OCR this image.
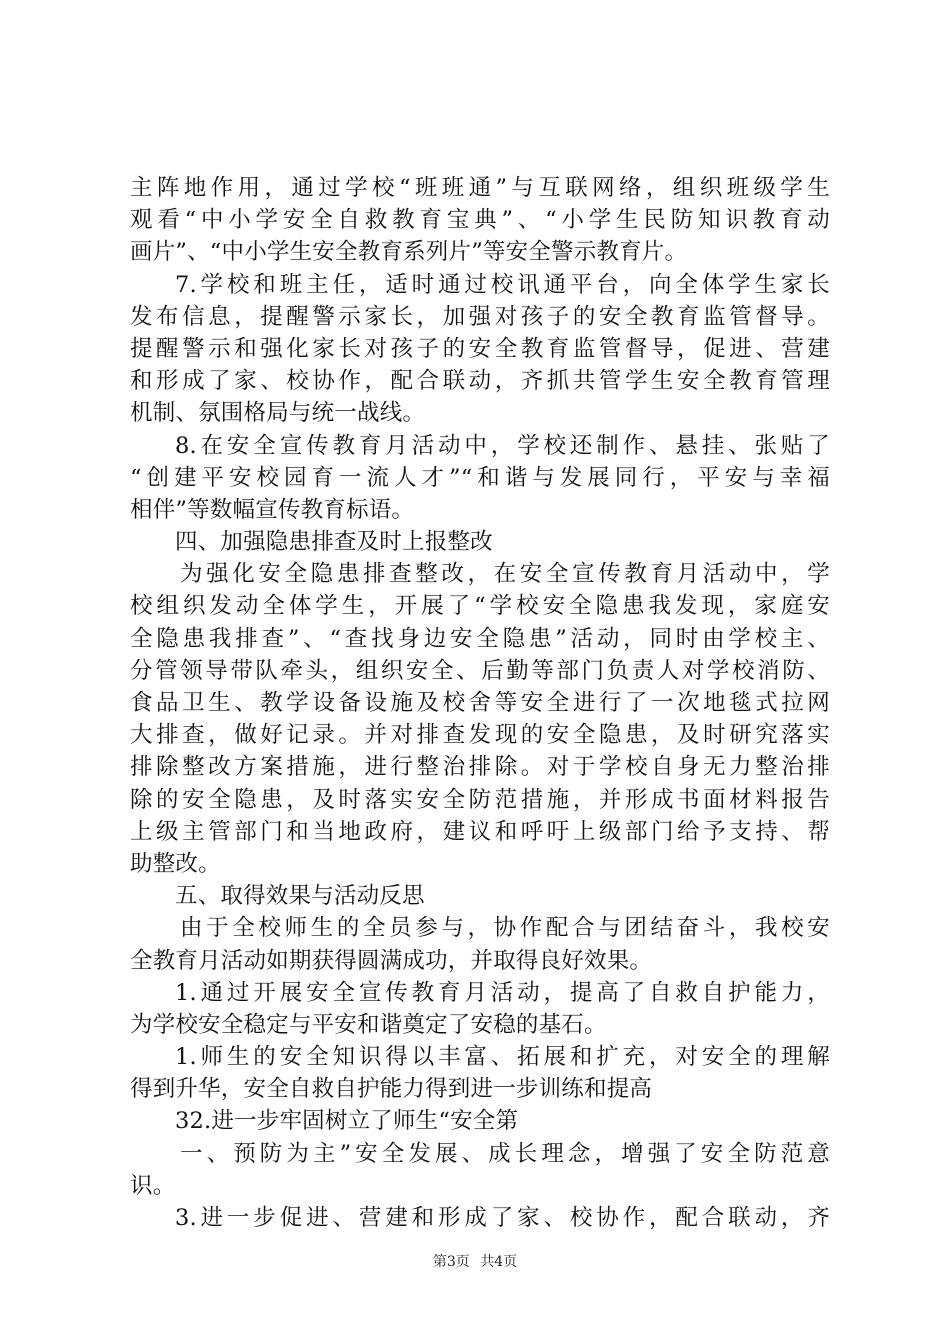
主阵地作用，通过学校“班班通”与互联网络，组织班级学生
观看“中小学安全自救教育宝典”、“小学生民防知识教育动
画片”、“中小学生安全教育系列片”等安全警示教育片。
7.学校和班主任，适时通过校讯通平台，向全体学生家长
发布信息，提醒警示家长，加强对孩子的安全教育监管督导。
提醒警示和强化家长对孩子的安全教育监管督导，促进、营建
和形成了家、校协作，配合联动，齐抓共管学生安全教育管理
机制、氛围格局与统一战线。
8.在安全宣传教育月活动中，学校还制作、悬挂、张贴了
“创建平安校园育一流人才”“和谐与发展同行，平安与幸福
相伴”等数幅宣传教育标语。
四、加强隐患排查及时上报整改
为强化安全隐患排查整改，在安全宣传教育月活动中，学
校组织发动全体学生，开展了“学校安全隐患我发现，家庭安
全隐患我排查”、“查找身边安全隐患”活动，同时由学校主、
分管领导带队牵头，组织安全、后勤等部门负责人对学校消防、
食品卫生、教学设备设施及校舍等安全进行了一次地毯式拉网
大排查，做好记录。并对排查发现的安全隐患，及时研究落实
排除整改方案措施，进行整治排除。对于学校自身无力整治排
除的安全隐患，及时落实安全防范措施，并形成书面材料报告
上级主管部门和当地政府，建议和呼吁上级部门给予支持、帮
助整改。
五、取得效果与活动反思
由于全校师生的全员参与，协作配合与团结奋斗，我校安
全教育月活动如期获得圆满成功，并取得良好效果。
1.通过开展安全宣传教育月活动，提高了自救自护能力，
为学校安全稳定与平安和谐奠定了安稳的基石。
1.师生的安全知识得以丰富、拓展和扩充，对安全的理解
得到升华，安全自救自护能力得到进一步训练和提高
32.进一步牢固树立了师生“安全第
一、预防为主”安全发展、成长理念，增强了安全防范意
识。
3.进一步促进、营建和形成了家、校协作，配合联动，齐
第3页 共4页
